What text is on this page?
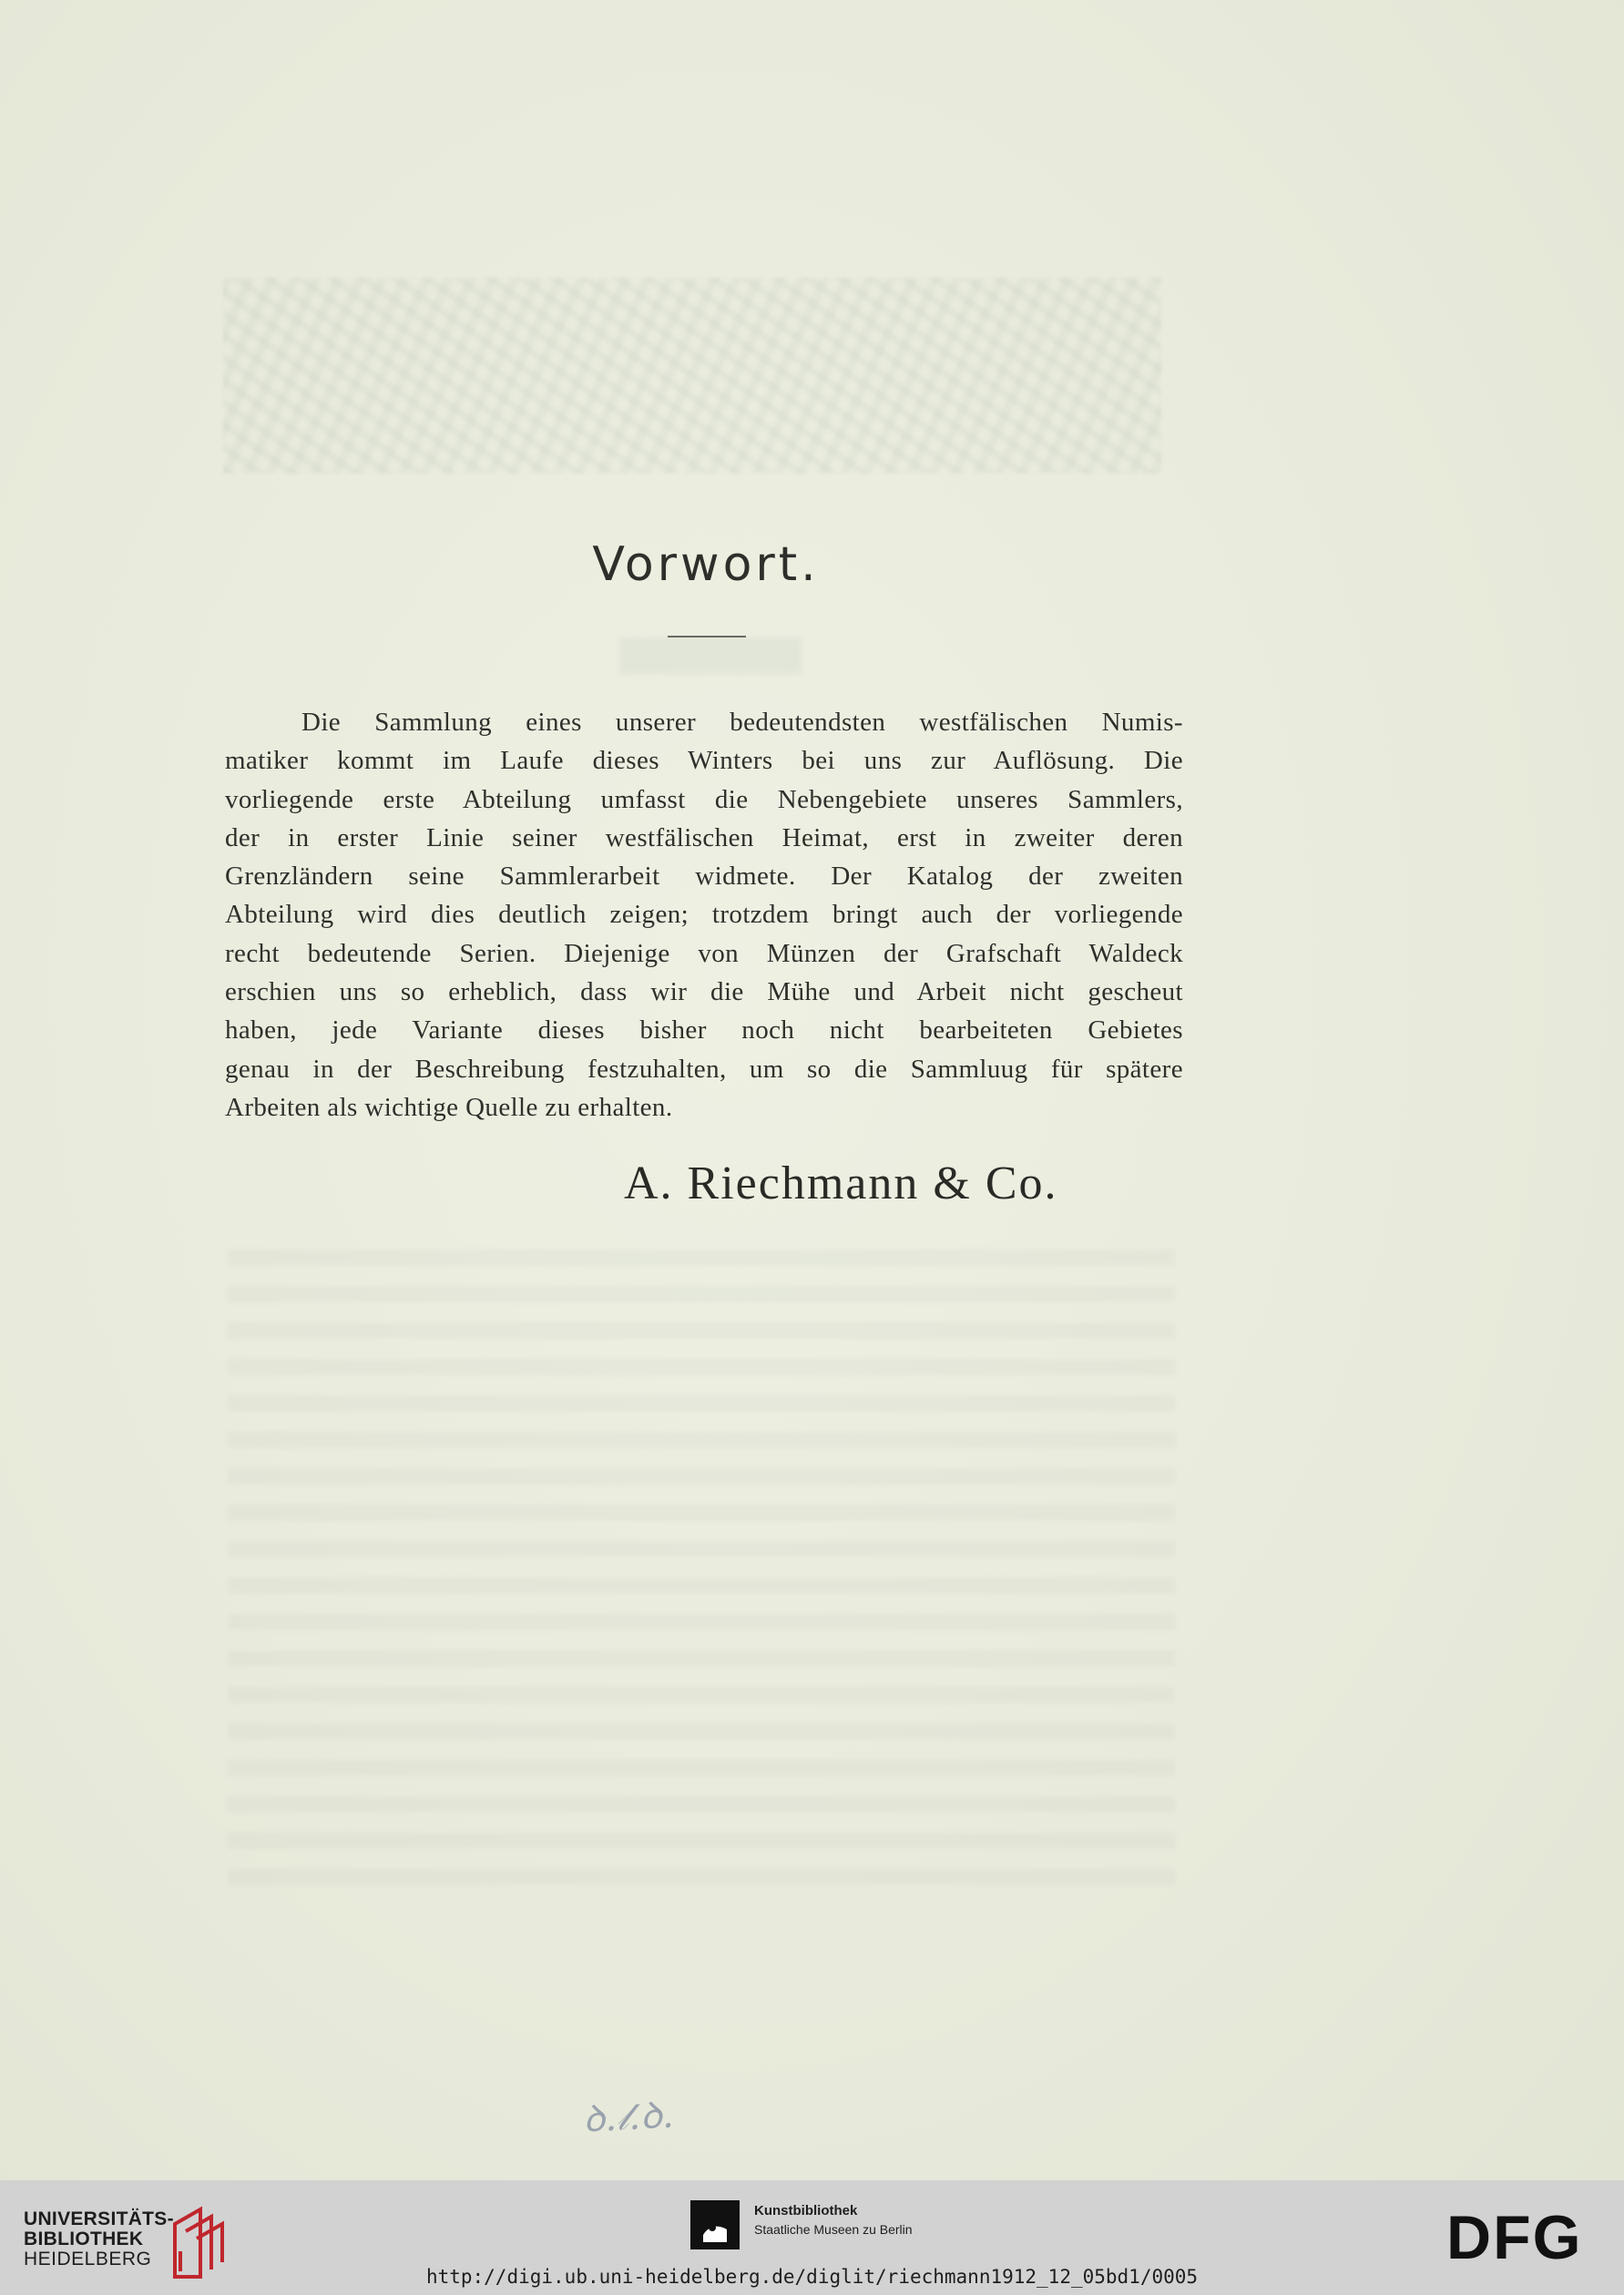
Vorwort.
Die Sammlung eines unserer bedeutendsten westfälischen Numis-
matiker kommt im Laufe dieses Winters bei uns zur Auflösung. Die
vorliegende erste Abteilung umfasst die Nebengebiete unseres Sammlers,
der in erster Linie seiner westfälischen Heimat, erst in zweiter deren
Grenzländern seine Sammlerarbeit widmete. Der Katalog der zweiten
Abteilung wird dies deutlich zeigen; trotzdem bringt auch der vorliegende
recht bedeutende Serien. Diejenige von Münzen der Grafschaft Waldeck
erschien uns so erheblich, dass wir die Mühe und Arbeit nicht gescheut
haben, jede Variante dieses bisher noch nicht bearbeiteten Gebietes
genau in der Beschreibung festzuhalten, um so die Sammluug für spätere
Arbeiten als wichtige Quelle zu erhalten.
A. Riechmann & Co.
ꝺ.𝓁.ꝺ.
UNIVERSITÄTS-
BIBLIOTHEK
HEIDELBERG
Kunstbibliothek
Staatliche Museen zu Berlin	DFG
http://digi.ub.uni-heidelberg.de/diglit/riechmann1912_12_05bd1/0005
